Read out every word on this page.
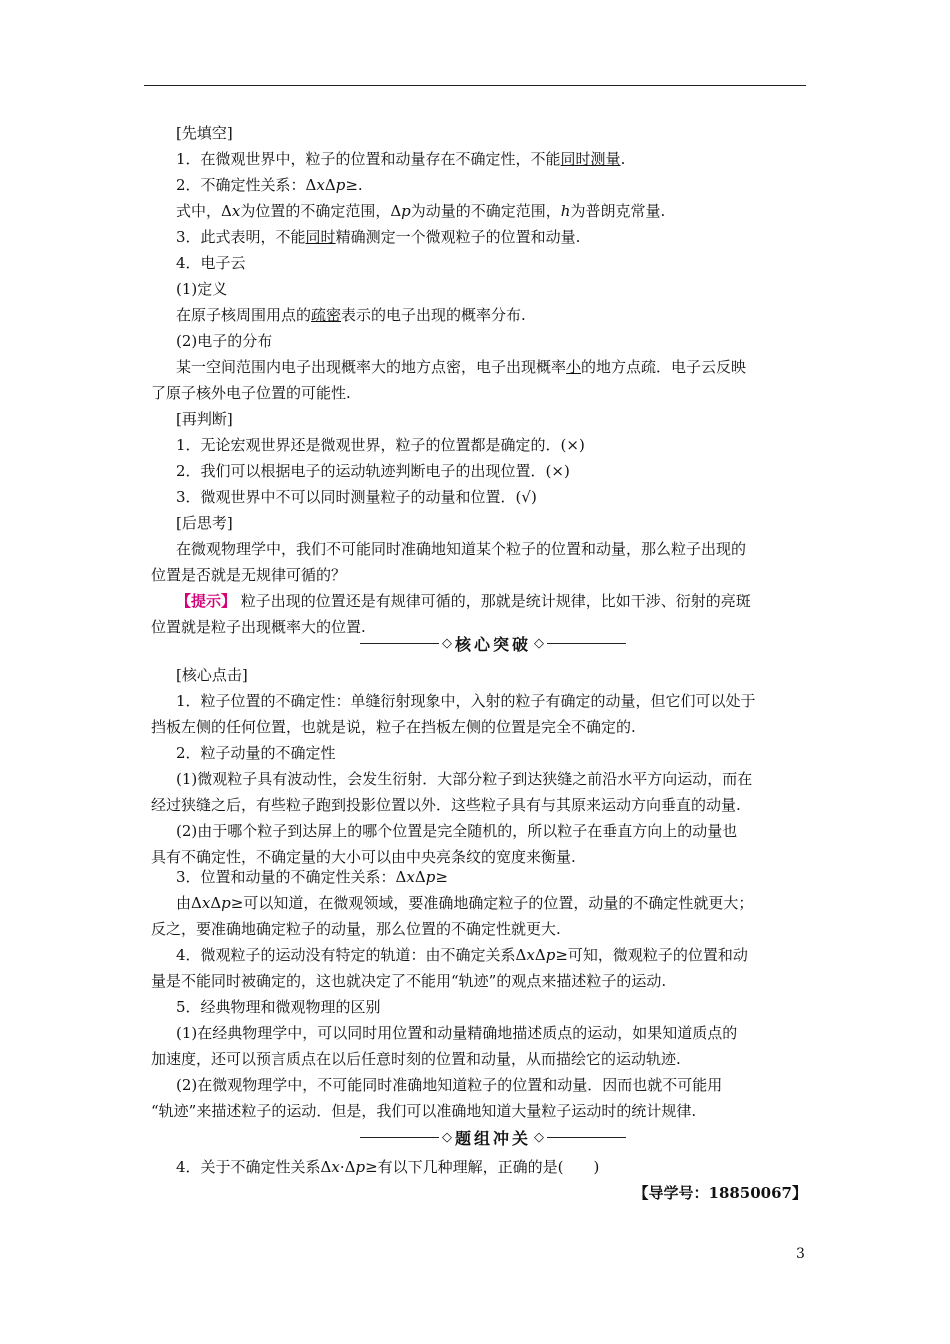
[先填空]
1．在微观世界中，粒子的位置和动量存在不确定性，不能同时测量.
2．不确定性关系：ΔxΔp≥.
式中，Δx为位置的不确定范围，Δp为动量的不确定范围，h为普朗克常量.
3．此式表明，不能同时精确测定一个微观粒子的位置和动量.
4．电子云
(1)定义
在原子核周围用点的疏密表示的电子出现的概率分布.
(2)电子的分布
某一空间范围内电子出现概率大的地方点密，电子出现概率小的地方点疏．电子云反映
了原子核外电子位置的可能性.
[再判断]
1．无论宏观世界还是微观世界，粒子的位置都是确定的．(×)
2．我们可以根据电子的运动轨迹判断电子的出现位置．(×)
3．微观世界中不可以同时测量粒子的动量和位置．(√)
[后思考]
在微观物理学中，我们不可能同时准确地知道某个粒子的位置和动量，那么粒子出现的
位置是否就是无规律可循的？
【提示】 粒子出现的位置还是有规律可循的，那就是统计规律，比如干涉、衍射的亮斑
位置就是粒子出现概率大的位置.
◇ 核心突破 ◇
[核心点击]
1．粒子位置的不确定性：单缝衍射现象中，入射的粒子有确定的动量，但它们可以处于
挡板左侧的任何位置，也就是说，粒子在挡板左侧的位置是完全不确定的.
2．粒子动量的不确定性
(1)微观粒子具有波动性，会发生衍射．大部分粒子到达狭缝之前沿水平方向运动，而在
经过狭缝之后，有些粒子跑到投影位置以外．这些粒子具有与其原来运动方向垂直的动量.
(2)由于哪个粒子到达屏上的哪个位置是完全随机的，所以粒子在垂直方向上的动量也
具有不确定性，不确定量的大小可以由中央亮条纹的宽度来衡量.
3．位置和动量的不确定性关系：ΔxΔp≥
由ΔxΔp≥可以知道，在微观领域，要准确地确定粒子的位置，动量的不确定性就更大；
反之，要准确地确定粒子的动量，那么位置的不确定性就更大.
4．微观粒子的运动没有特定的轨道：由不确定关系ΔxΔp≥可知，微观粒子的位置和动
量是不能同时被确定的，这也就决定了不能用“轨迹”的观点来描述粒子的运动.
5．经典物理和微观物理的区别
(1)在经典物理学中，可以同时用位置和动量精确地描述质点的运动，如果知道质点的
加速度，还可以预言质点在以后任意时刻的位置和动量，从而描绘它的运动轨迹.
(2)在微观物理学中，不可能同时准确地知道粒子的位置和动量．因而也就不可能用
“轨迹”来描述粒子的运动．但是，我们可以准确地知道大量粒子运动时的统计规律.
◇ 题组冲关 ◇
4．关于不确定性关系Δx·Δp≥有以下几种理解，正确的是(　　)
【导学号：18850067】
3
